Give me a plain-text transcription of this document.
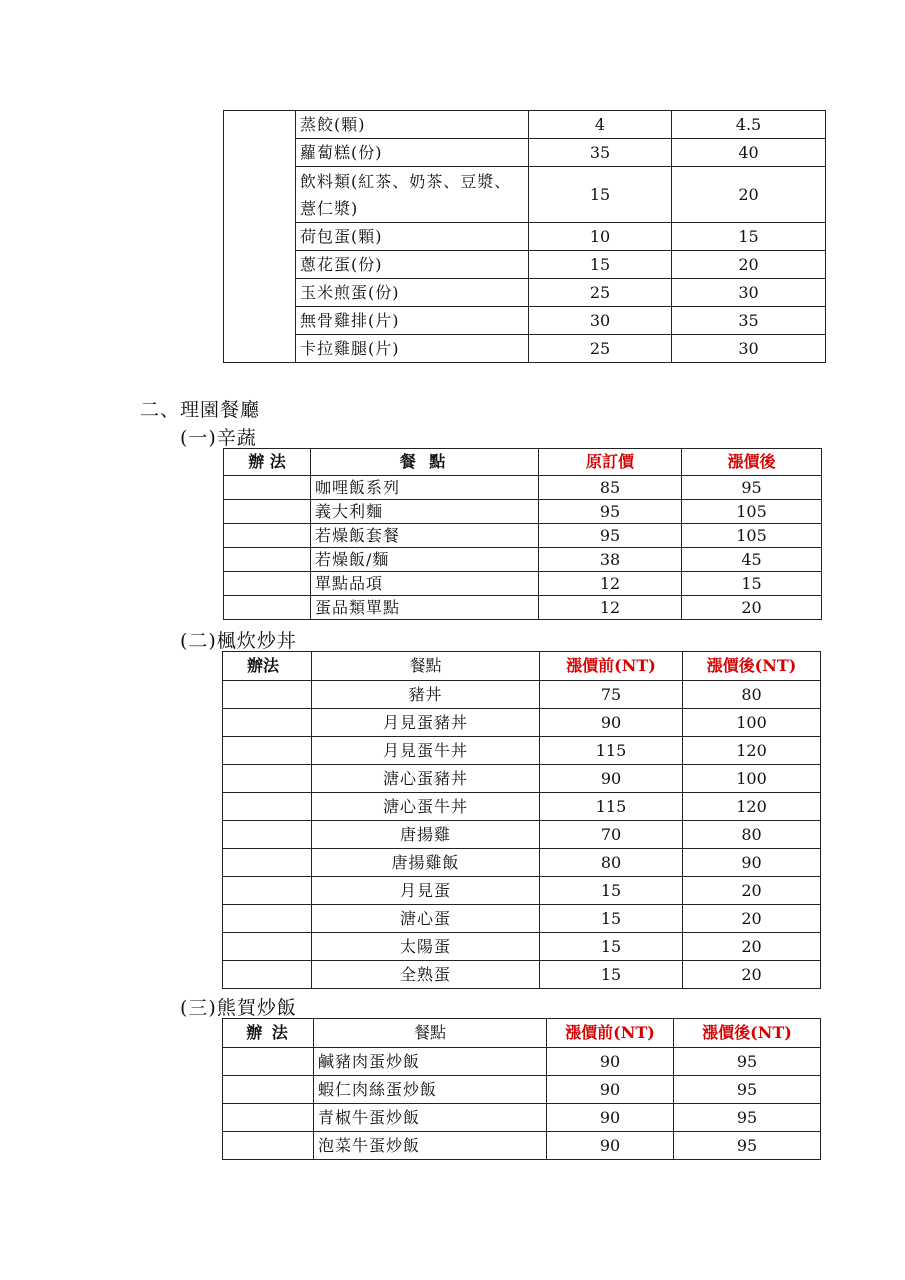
	蒸餃(顆)	4	4.5
	蘿蔔糕(份)	35	40
	飲料類(紅茶、奶茶、豆漿、薏仁漿)	15	20
	荷包蛋(顆)	10	15
	蔥花蛋(份)	15	20
	玉米煎蛋(份)	25	30
	無骨雞排(片)	30	35
	卡拉雞腿(片)	25	30
二、理園餐廳
(一)辛蔬
辦 法	餐 點	原訂價	漲價後
	咖哩飯系列	85	95
	義大利麵	95	105
	若燥飯套餐	95	105
	若燥飯/麵	38	45
	單點品項	12	15
	蛋品類單點	12	20
(二)楓炊炒丼
辦法	餐點	漲價前(NT)	漲價後(NT)
	豬丼	75	80
	月見蛋豬丼	90	100
	月見蛋牛丼	115	120
	溏心蛋豬丼	90	100
	溏心蛋牛丼	115	120
	唐揚雞	70	80
	唐揚雞飯	80	90
	月見蛋	15	20
	溏心蛋	15	20
	太陽蛋	15	20
	全熟蛋	15	20
(三)熊賀炒飯
辦 法	餐點	漲價前(NT)	漲價後(NT)
	鹹豬肉蛋炒飯	90	95
	蝦仁肉絲蛋炒飯	90	95
	青椒牛蛋炒飯	90	95
	泡菜牛蛋炒飯	90	95
